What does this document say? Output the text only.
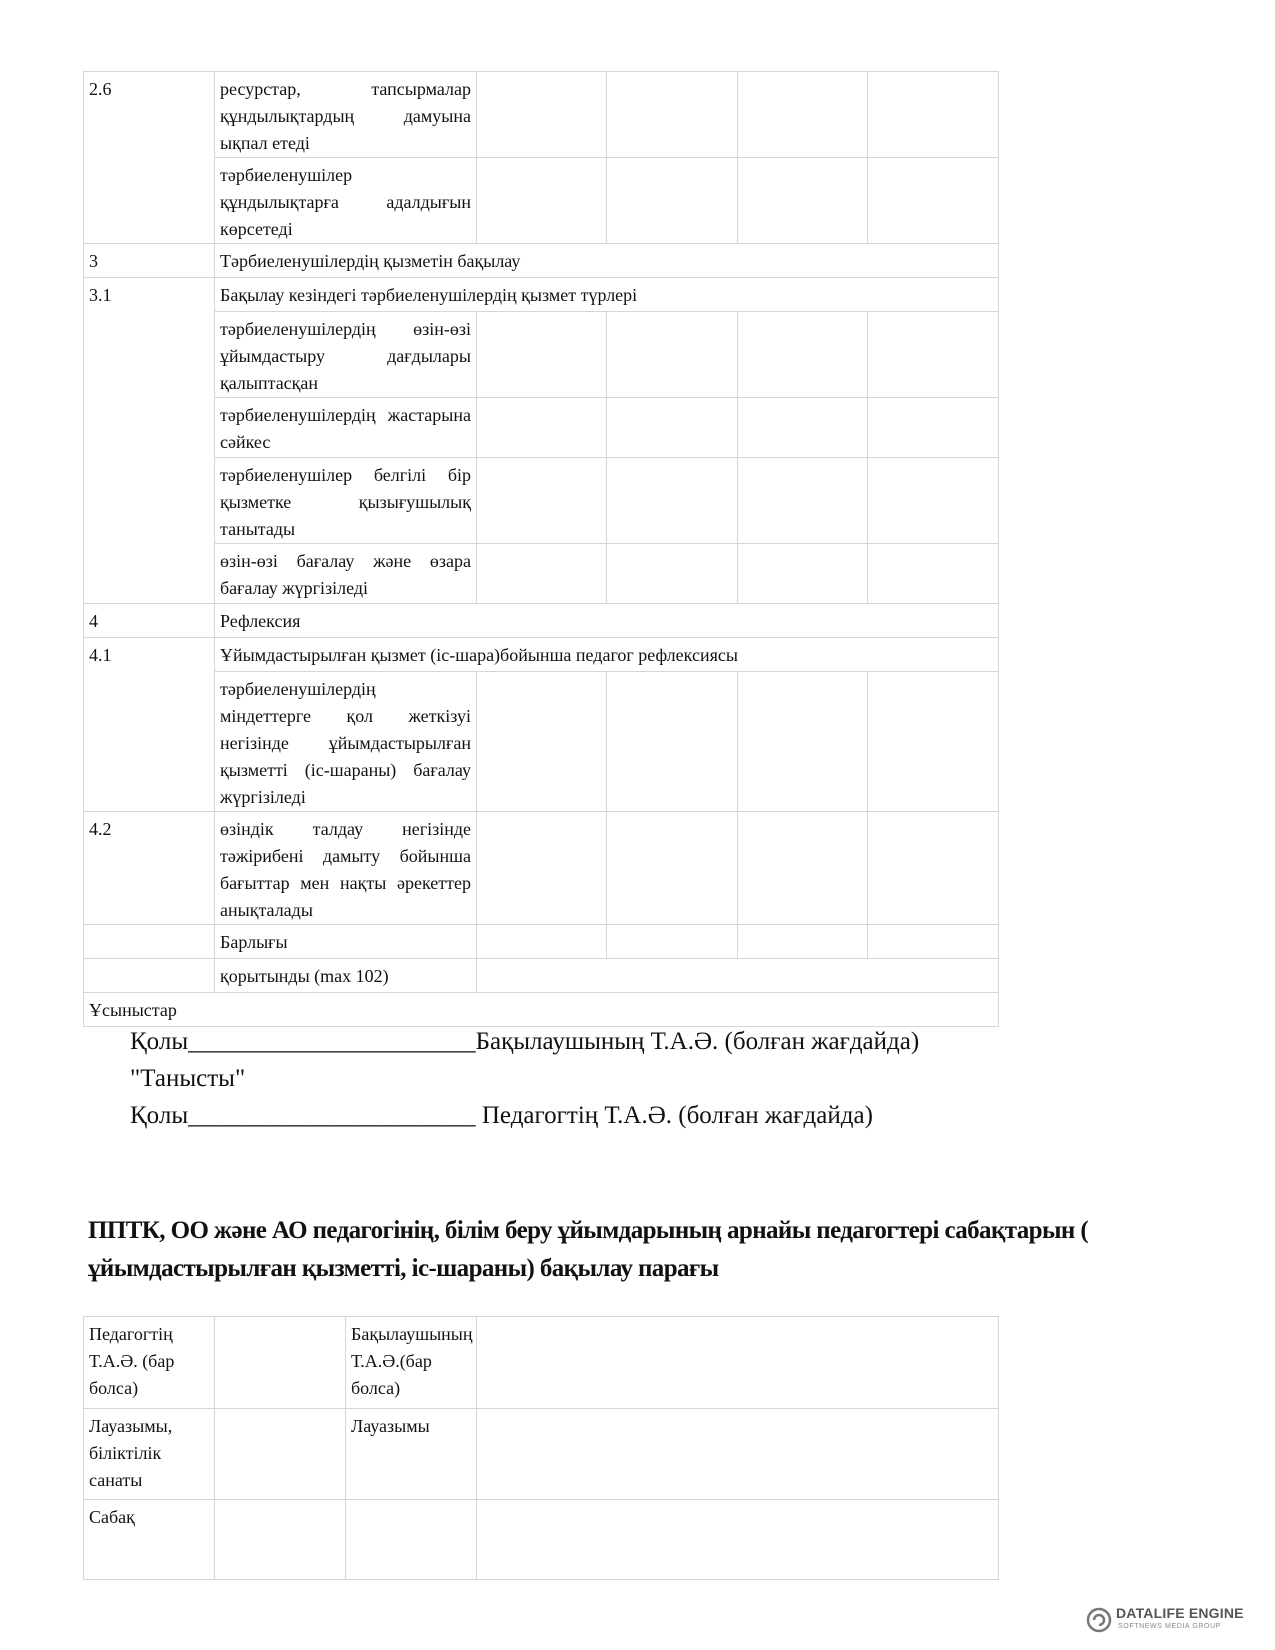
2.6	ресурстар, тапсырмалар құндылықтардың дамуына ықпал етеді				
	тәрбиеленушілер құндылықтарға адалдығын көрсетеді				
3	Тәрбиеленушілердің қызметін бақылау				
3.1	Бақылау кезіндегі тәрбиеленушілердің қызмет түрлері				
	тәрбиеленушілердің өзін-өзі ұйымдастыру дағдылары қалыптасқан				
	тәрбиеленушілердің жастарына сәйкес				
	тәрбиеленушілер белгілі бір қызметке қызығушылық танытады				
	өзін-өзі бағалау және өзара бағалау жүргізіледі				
4	Рефлексия				
4.1	Ұйымдастырылған қызмет (іс-шара)бойынша педагог рефлексиясы				
	тәрбиеленушілердің міндеттерге қол жеткізуі негізінде ұйымдастырылған қызметті (іс-шараны) бағалау жүргізіледі				
4.2	өзіндік талдау негізінде тәжірибені дамыту бойынша бағыттар мен нақты әрекеттер анықталады				
	Барлығы				
	қорытынды (max 102)				
Ұсыныстар					
Қолы_______________________Бақылаушының Т.А.Ә. (болған жағдайда)
"Танысты"
Қолы_______________________ Педагогтің Т.А.Ә. (болған жағдайда)
ППТК, ОО және АО педагогінің, білім беру ұйымдарының арнайы педагогтері сабақтарын ( ұйымдастырылған қызметті, іс-шараны) бақылау парағы
Педагогтің Т.А.Ә. (бар болса)		Бақылаушының Т.А.Ә.(бар болса)	
Лауазымы, біліктілік санаты		Лауазымы	
Сабақ			
DATALIFE ENGINE
SOFTNEWS MEDIA GROUP
